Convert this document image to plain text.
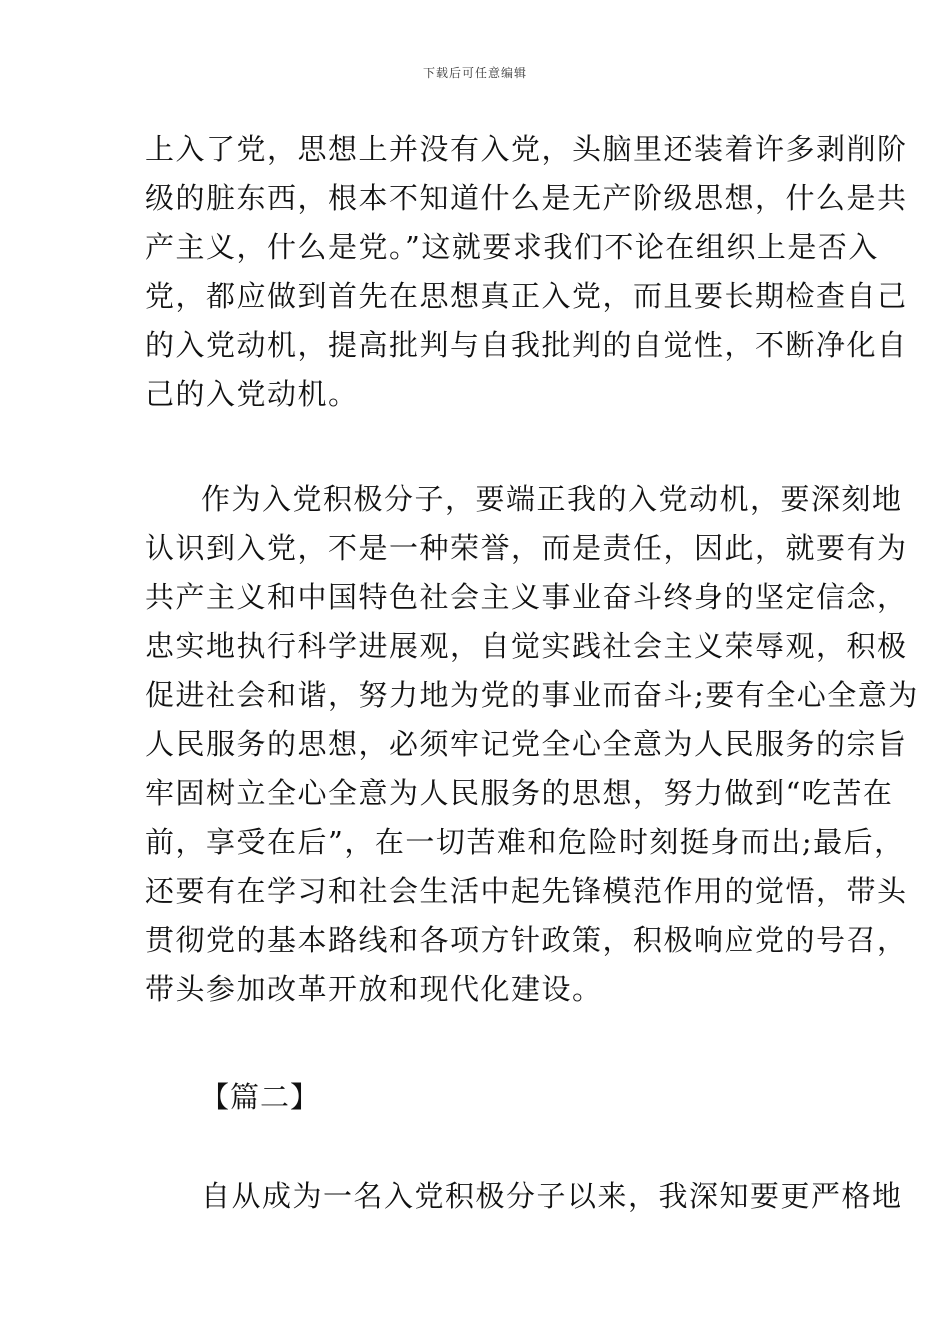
下载后可任意编辑
上入了党，思想上并没有入党，头脑里还装着许多剥削阶
级的脏东西，根本不知道什么是无产阶级思想，什么是共
产主义，什么是党。”这就要求我们不论在组织上是否入
党，都应做到首先在思想真正入党，而且要长期检查自己
的入党动机，提高批判与自我批判的自觉性，不断净化自
己的入党动机。
作为入党积极分子，要端正我的入党动机，要深刻地
认识到入党，不是一种荣誉，而是责任，因此，就要有为
共产主义和中国特色社会主义事业奋斗终身的坚定信念，
忠实地执行科学进展观，自觉实践社会主义荣辱观，积极
促进社会和谐，努力地为党的事业而奋斗;要有全心全意为
人民服务的思想，必须牢记党全心全意为人民服务的宗旨
牢固树立全心全意为人民服务的思想，努力做到“吃苦在
前，享受在后”，在一切苦难和危险时刻挺身而出;最后，
还要有在学习和社会生活中起先锋模范作用的觉悟，带头
贯彻党的基本路线和各项方针政策，积极响应党的号召，
带头参加改革开放和现代化建设。
【篇二】
自从成为一名入党积极分子以来，我深知要更严格地
